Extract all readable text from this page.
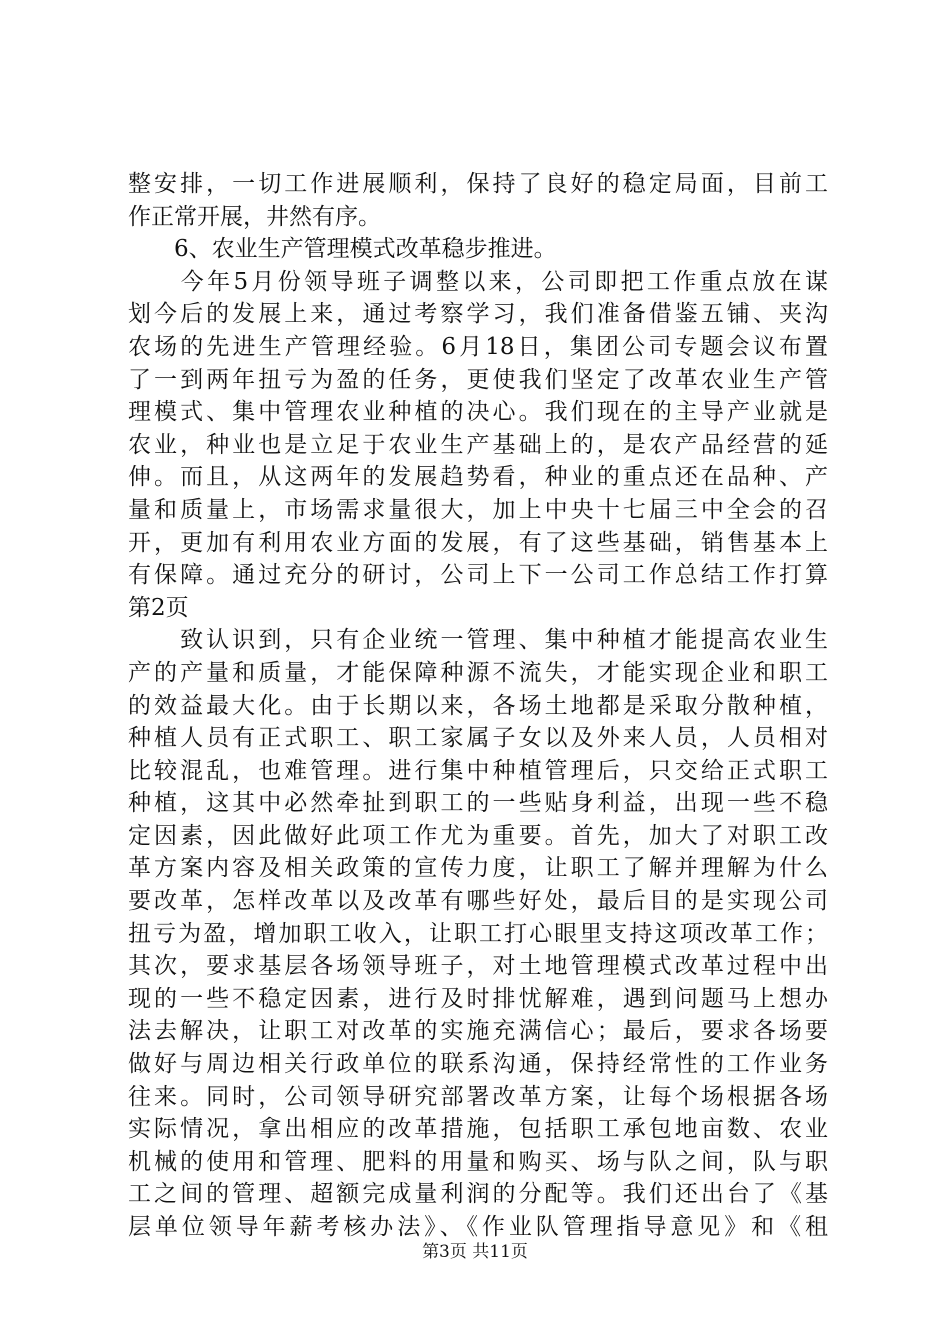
整安排，一切工作进展顺利，保持了良好的稳定局面，目前工
作正常开展，井然有序。
　　6、农业生产管理模式改革稳步推进。
　　今年5月份领导班子调整以来，公司即把工作重点放在谋
划今后的发展上来，通过考察学习，我们准备借鉴五铺、夹沟
农场的先进生产管理经验。6月18日，集团公司专题会议布置
了一到两年扭亏为盈的任务，更使我们坚定了改革农业生产管
理模式、集中管理农业种植的决心。我们现在的主导产业就是
农业，种业也是立足于农业生产基础上的，是农产品经营的延
伸。而且，从这两年的发展趋势看，种业的重点还在品种、产
量和质量上，市场需求量很大，加上中央十七届三中全会的召
开，更加有利用农业方面的发展，有了这些基础，销售基本上
有保障。通过充分的研讨，公司上下一公司工作总结工作打算
第2页
　　致认识到，只有企业统一管理、集中种植才能提高农业生
产的产量和质量，才能保障种源不流失，才能实现企业和职工
的效益最大化。由于长期以来，各场土地都是采取分散种植，
种植人员有正式职工、职工家属子女以及外来人员，人员相对
比较混乱，也难管理。进行集中种植管理后，只交给正式职工
种植，这其中必然牵扯到职工的一些贴身利益，出现一些不稳
定因素，因此做好此项工作尤为重要。首先，加大了对职工改
革方案内容及相关政策的宣传力度，让职工了解并理解为什么
要改革，怎样改革以及改革有哪些好处，最后目的是实现公司
扭亏为盈，增加职工收入，让职工打心眼里支持这项改革工作；
其次，要求基层各场领导班子，对土地管理模式改革过程中出
现的一些不稳定因素，进行及时排忧解难，遇到问题马上想办
法去解决，让职工对改革的实施充满信心；最后，要求各场要
做好与周边相关行政单位的联系沟通，保持经常性的工作业务
往来。同时，公司领导研究部署改革方案，让每个场根据各场
实际情况，拿出相应的改革措施，包括职工承包地亩数、农业
机械的使用和管理、肥料的用量和购买、场与队之间，队与职
工之间的管理、超额完成量利润的分配等。我们还出台了《基
层单位领导年薪考核办法》、《作业队管理指导意见》和《租
第3页 共11页
